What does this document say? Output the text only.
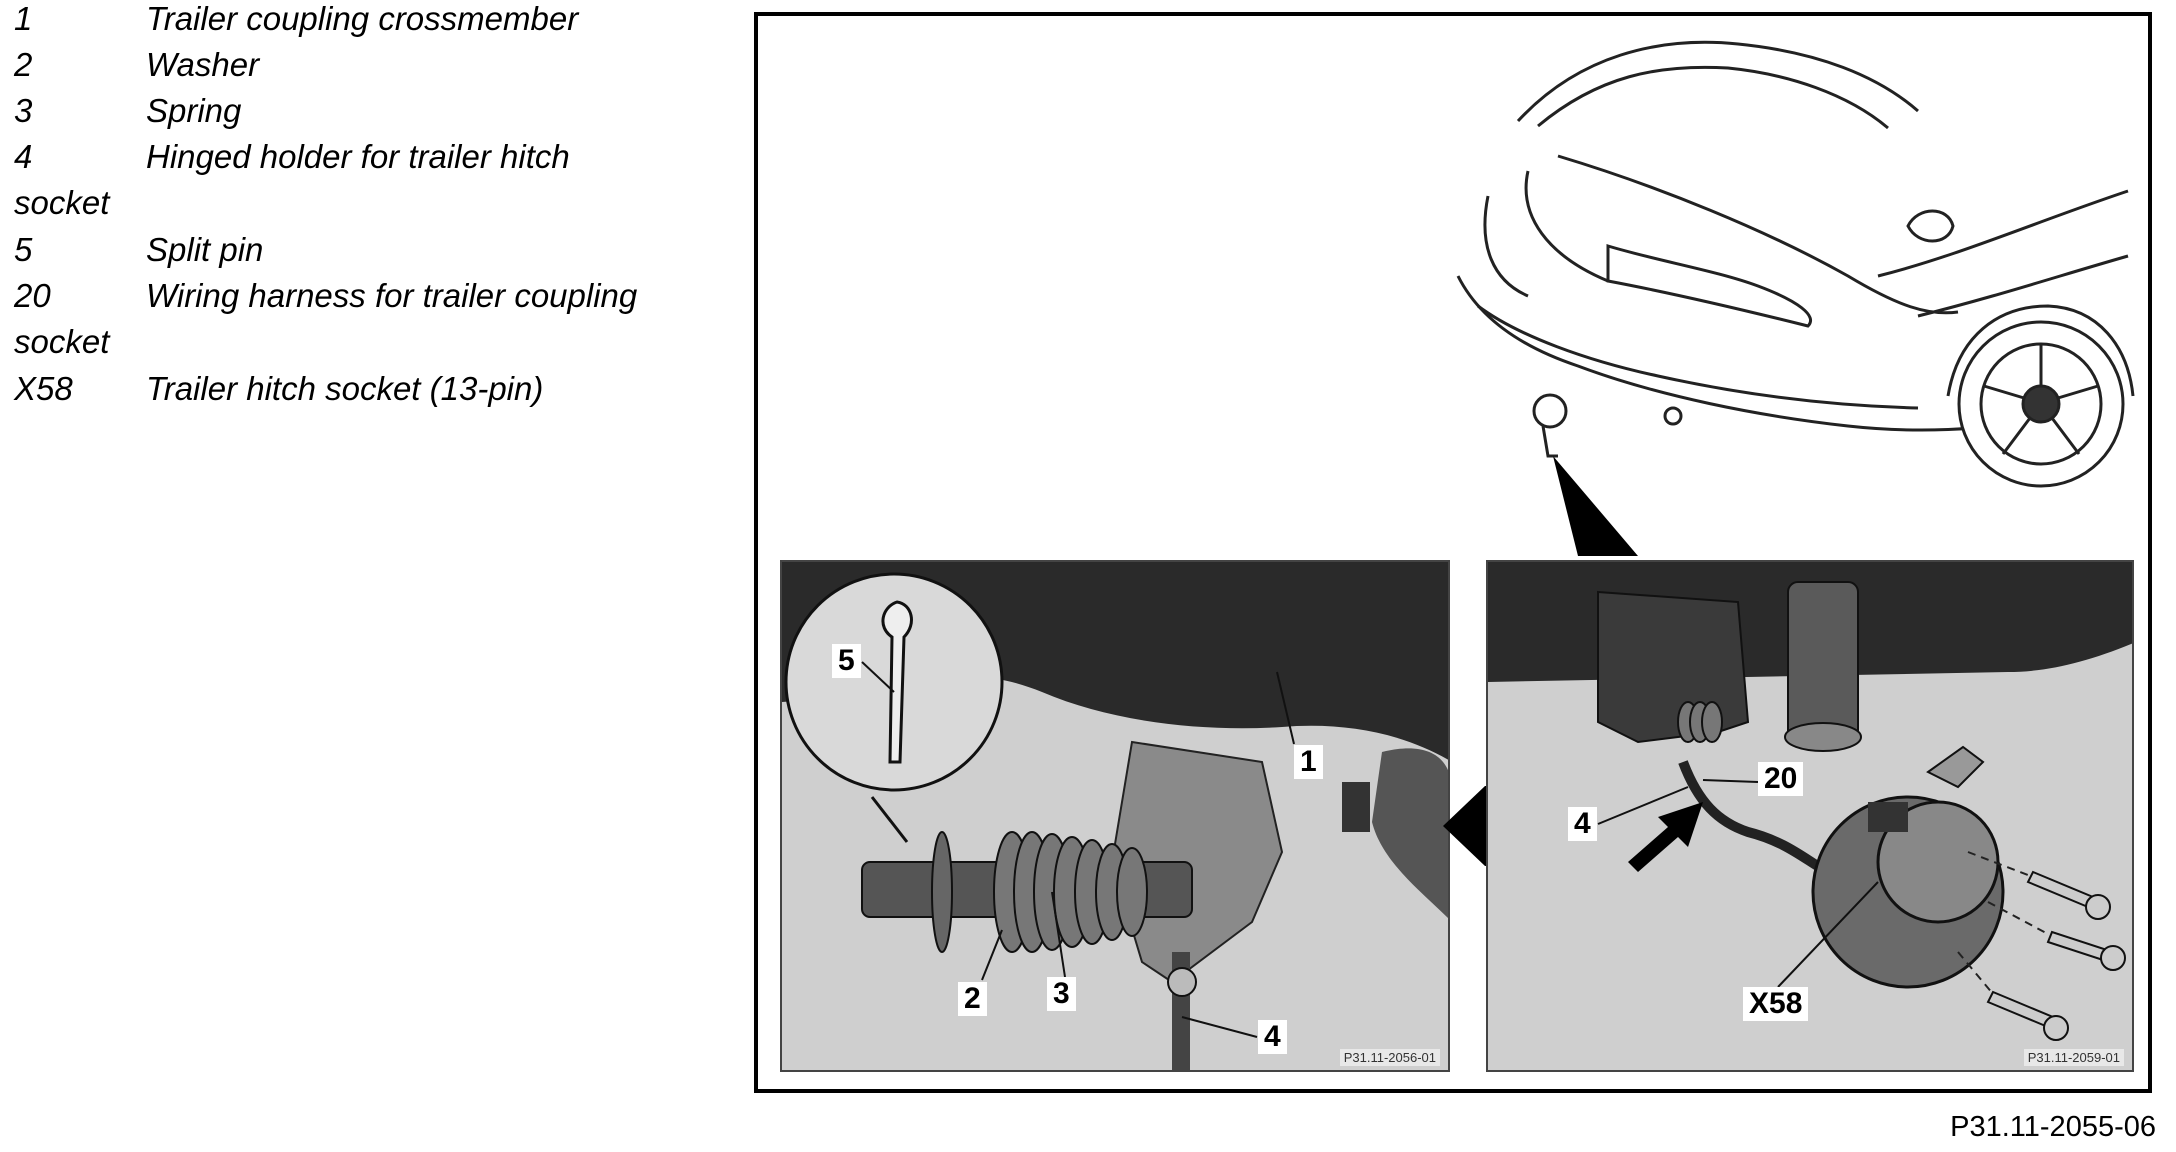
1	Trailer coupling crossmember
2	Washer
3	Spring
4	Hinged holder for trailer hitch
socket
5	Split pin
20	Wiring harness for trailer coupling
socket
X58 Trailer hitch socket (13-pin)
1
2 3
4
5
P31.11-2056-01
4
20
X58
P31.11-2059-01
P31.11-2055-06
